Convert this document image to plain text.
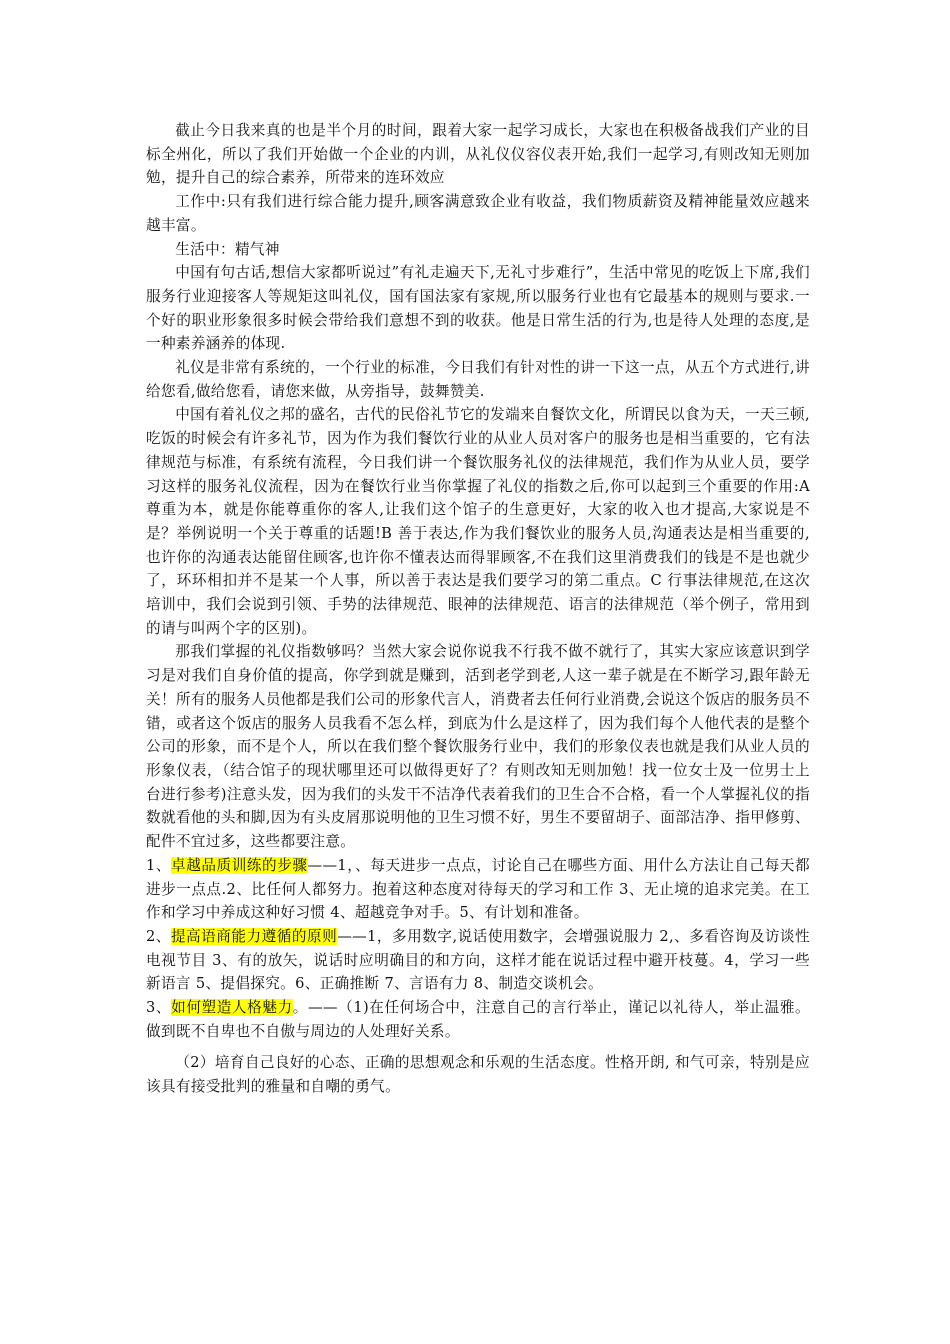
截止今日我来真的也是半个月的时间，跟着大家一起学习成长，大家也在积极备战我们产业的目标全州化，所以了我们开始做一个企业的内训，从礼仪仪容仪表开始,我们一起学习,有则改知无则加勉，提升自己的综合素养，所带来的连环效应

工作中:只有我们进行综合能力提升,顾客满意致企业有收益，我们物质薪资及精神能量效应越来越丰富。

生活中：精气神

中国有句古话,想信大家都听说过”有礼走遍天下,无礼寸步难行”，生活中常见的吃饭上下席,我们服务行业迎接客人等规矩这叫礼仪，国有国法家有家规,所以服务行业也有它最基本的规则与要求.一个好的职业形象很多时候会带给我们意想不到的收获。他是日常生活的行为,也是待人处理的态度,是一种素养涵养的体现.

礼仪是非常有系统的，一个行业的标准，今日我们有针对性的讲一下这一点，从五个方式进行,讲给您看,做给您看，请您来做，从旁指导，鼓舞赞美.

中国有着礼仪之邦的盛名，古代的民俗礼节它的发端来自餐饮文化，所谓民以食为天，一天三顿,吃饭的时候会有许多礼节，因为作为我们餐饮行业的从业人员对客户的服务也是相当重要的，它有法律规范与标准，有系统有流程，今日我们讲一个餐饮服务礼仪的法律规范，我们作为从业人员，要学习这样的服务礼仪流程，因为在餐饮行业当你掌握了礼仪的指数之后,你可以起到三个重要的作用:A 尊重为本，就是你能尊重你的客人,让我们这个馆子的生意更好，大家的收入也才提高,大家说是不是？举例说明一个关于尊重的话题!B 善于表达,作为我们餐饮业的服务人员,沟通表达是相当重要的,也许你的沟通表达能留住顾客,也许你不懂表达而得罪顾客,不在我们这里消费我们的钱是不是也就少了，环环相扣并不是某一个人事，所以善于表达是我们要学习的第二重点。C 行事法律规范,在这次培训中，我们会说到引领、手势的法律规范、眼神的法律规范、语言的法律规范（举个例子，常用到的请与叫两个字的区别)。

那我们掌握的礼仪指数够吗？当然大家会说你说我不行我不做不就行了，其实大家应该意识到学习是对我们自身价值的提高，你学到就是赚到，活到老学到老,人这一辈子就是在不断学习,跟年龄无关！所有的服务人员他都是我们公司的形象代言人，消费者去任何行业消费,会说这个饭店的服务员不错，或者这个饭店的服务人员我看不怎么样，到底为什么是这样了，因为我们每个人他代表的是整个公司的形象，而不是个人，所以在我们整个餐饮服务行业中，我们的形象仪表也就是我们从业人员的形象仪表，（结合馆子的现状哪里还可以做得更好了？有则改知无则加勉！找一位女士及一位男士上台进行参考)注意头发，因为我们的头发干不洁净代表着我们的卫生合不合格，看一个人掌握礼仪的指数就看他的头和脚,因为有头皮屑那说明他的卫生习惯不好，男生不要留胡子、面部洁净、指甲修剪、配件不宜过多，这些都要注意。

1、卓越品质训练的步骤——1，、每天进步一点点，讨论自己在哪些方面、用什么方法让自己每天都进步一点点.2、比任何人都努力。抱着这种态度对待每天的学习和工作 3、无止境的追求完美。在工作和学习中养成这种好习惯 4、超越竞争对手。5、有计划和准备。

2、提高语商能力遵循的原则——1，多用数字,说话使用数字，会增强说服力 2,、多看咨询及访谈性电视节目 3、有的放矢，说话时应明确目的和方向，这样才能在说话过程中避开枝蔓。4，学习一些新语言 5、提倡探究。6、正确推断 7、言语有力 8、制造交谈机会。

3、如何塑造人格魅力。——（1)在任何场合中，注意自己的言行举止，谨记以礼待人，举止温雅。做到既不自卑也不自傲与周边的人处理好关系。

（2）培育自己良好的心态、正确的思想观念和乐观的生活态度。性格开朗, 和气可亲，特别是应该具有接受批判的雅量和自嘲的勇气。
